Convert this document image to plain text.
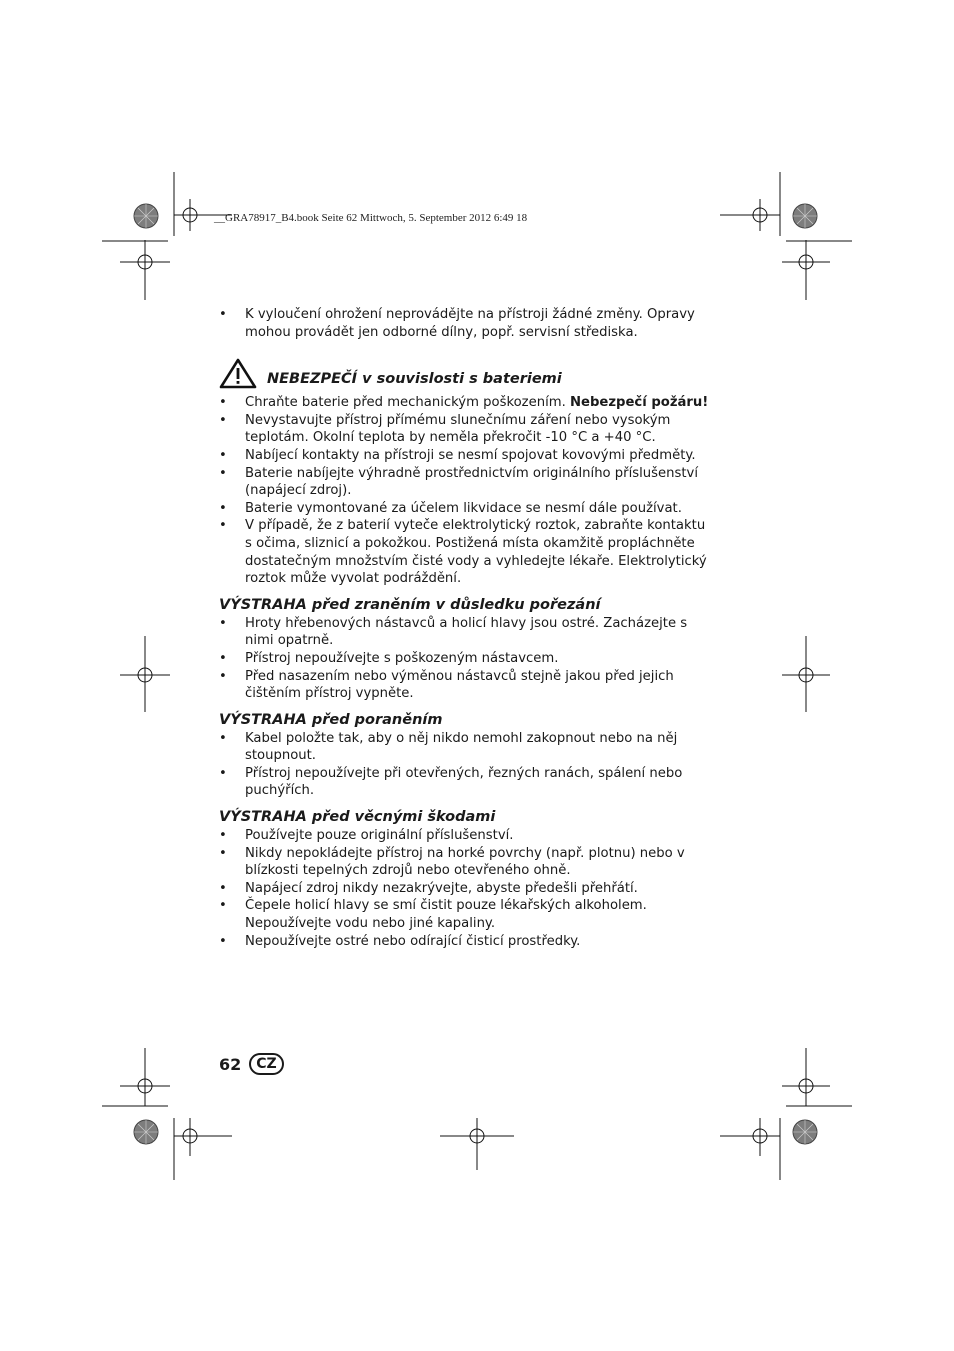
__GRA78917_B4.book Seite 62 Mittwoch, 5. September 2012 6:49 18
• K vyloučení ohrožení neprovádějte na přístroji žádné změny. Opravy mohou provádět jen odborné dílny, popř. servisní střediska.
NEBEZPEČÍ v souvislosti s bateriemi
• Chraňte baterie před mechanickým poškozením. Nebezpečí požáru!
• Nevystavujte přístroj přímému slunečnímu záření nebo vysokým teplotám. Okolní teplota by neměla překročit -10 °C a +40 °C.
• Nabíjecí kontakty na přístroji se nesmí spojovat kovovými předměty.
• Baterie nabíjejte výhradně prostřednictvím originálního příslušenství (napájecí zdroj).
• Baterie vymontované za účelem likvidace se nesmí dále používat.
• V případě, že z baterií vyteče elektrolytický roztok, zabraňte kontaktu s očima, sliznicí a pokožkou. Postižená místa okamžitě propláchněte dostatečným množstvím čisté vody a vyhledejte lékaře. Elektrolytický roztok může vyvolat podráždění.
VÝSTRAHA před zraněním v důsledku pořezání
• Hroty hřebenových nástavců a holicí hlavy jsou ostré. Zacházejte s nimi opatrně.
• Přístroj nepoužívejte s poškozeným nástavcem.
• Před nasazením nebo výměnou nástavců stejně jakou před jejich čištěním přístroj vypněte.
VÝSTRAHA před poraněním
• Kabel položte tak, aby o něj nikdo nemohl zakopnout nebo na něj stoupnout.
• Přístroj nepoužívejte při otevřených, řezných ranách, spálení nebo puchýřích.
VÝSTRAHA před věcnými škodami
• Používejte pouze originální příslušenství.
• Nikdy nepokládejte přístroj na horké povrchy (např. plotnu) nebo v blízkosti tepelných zdrojů nebo otevřeného ohně.
• Napájecí zdroj nikdy nezakrývejte, abyste předešli přehřátí.
• Čepele holicí hlavy se smí čistit pouze lékařských alkoholem. Nepoužívejte vodu nebo jiné kapaliny.
• Nepoužívejte ostré nebo odírající čisticí prostředky.
62	CZ
